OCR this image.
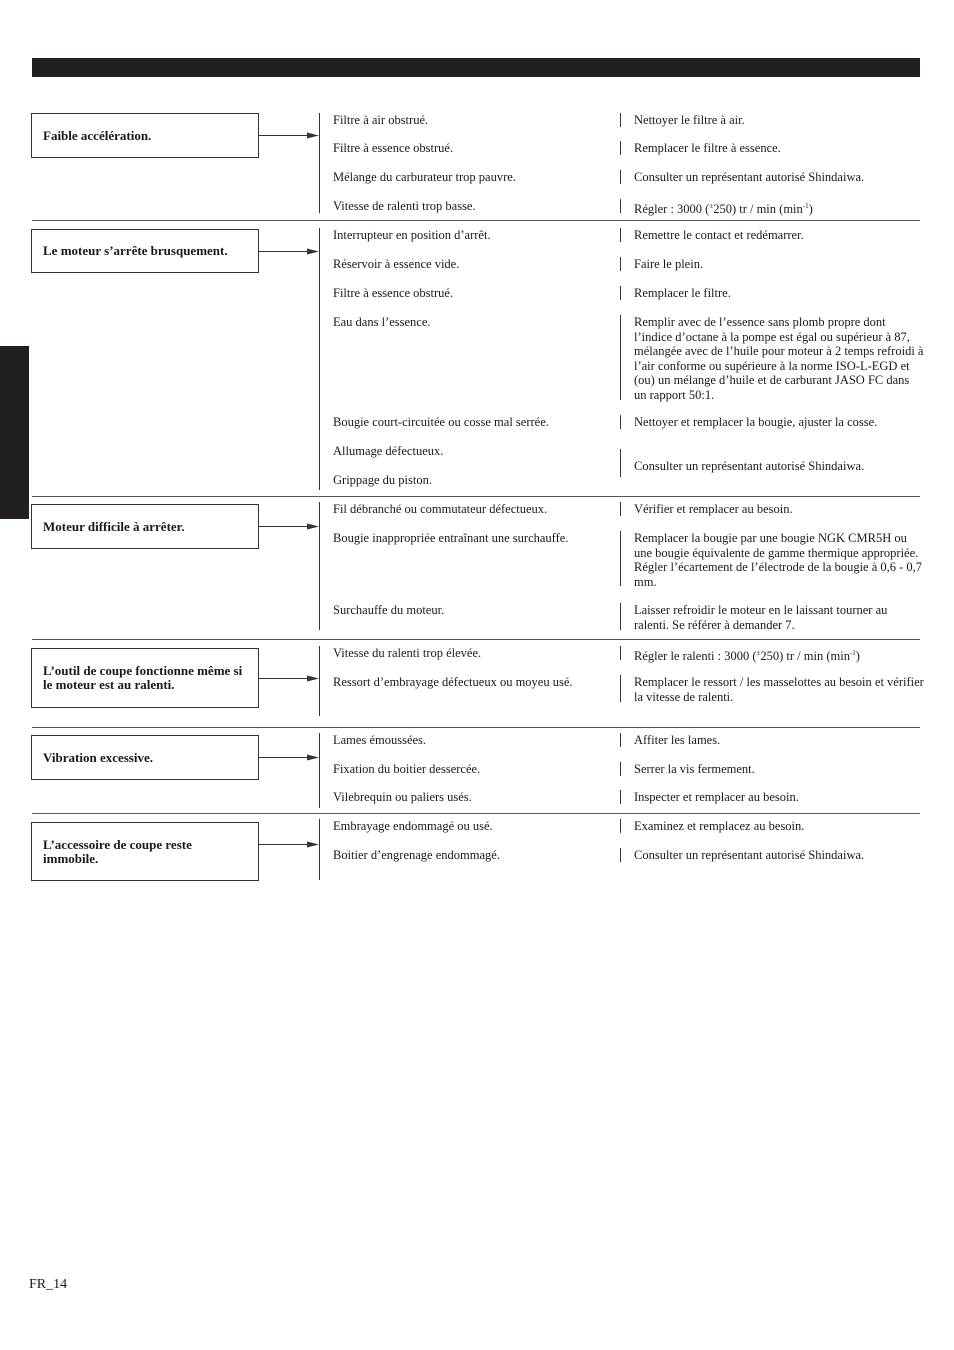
Faible accélération.
Filtre à air obstrué.
Filtre à essence obstrué.
Mélange du carburateur trop pauvre.
Vitesse de ralenti trop basse.
Nettoyer le filtre à air.
Remplacer le filtre à essence.
Consulter un représentant autorisé Shindaiwa.
Régler : 3000 (±250) tr / $\min (\min^{-1})$
Le moteur s’arrête brusquement.
Interrupteur en position d’arrêt.
Réservoir à essence vide.
Filtre à essence obstrué.
Eau dans l’essence.
Bougie court-circuitée ou cosse mal serrée.
Allumage défectueux.
Grippage du piston.
Remettre le contact et redémarrer.
Faire le plein.
Remplacer le filtre.
Remplir avec de l’essence sans plomb propre dont l’indice d’octane à la pompe est égal ou supérieur à 87, mélangée avec de l’huile pour moteur à 2 temps refroidi à l’air conforme ou supérieure à la norme ISO-L-EGD et (ou) un mélange d’huile et de carburant JASO FC dans un rapport 50:1.
Nettoyer et remplacer la bougie, ajuster la cosse.
Consulter un représentant autorisé Shindaiwa.
Moteur difficile à arrêter.
Fil débranché ou commutateur défectueux.
Bougie inappropriée entraînant une surchauffe.
Surchauffe du moteur.
Vérifier et remplacer au besoin.
Remplacer la bougie par une bougie NGK CMR5H ou une bougie équivalente de gamme thermique appropriée. Régler l’écartement de l’électrode de la bougie à 0,6 - 0,7 mm.
Laisser refroidir le moteur en le laissant tourner au ralenti. Se référer à demander 7.
L’outil de coupe fonctionne même si le moteur est au ralenti.
Vitesse du ralenti trop élevée.
Ressort d’embrayage défectueux ou moyeu usé.
Régler le ralenti : 3000 (±250) tr / $\min (\min^{-1})$
Remplacer le ressort / les masselottes au besoin et vérifier la vitesse de ralenti.
Vibration excessive.
Lames émoussées.
Fixation du boitier dessercée.
Vilebrequin ou paliers usés.
Affiter les lames.
Serrer la vis fermement.
Inspecter et remplacer au besoin.
L’accessoire de coupe reste immobile.
Embrayage endommagé ou usé.
Boitier d’engrenage endommagé.
Examinez et remplacez au besoin.
Consulter un représentant autorisé Shindaiwa.
FR_14
